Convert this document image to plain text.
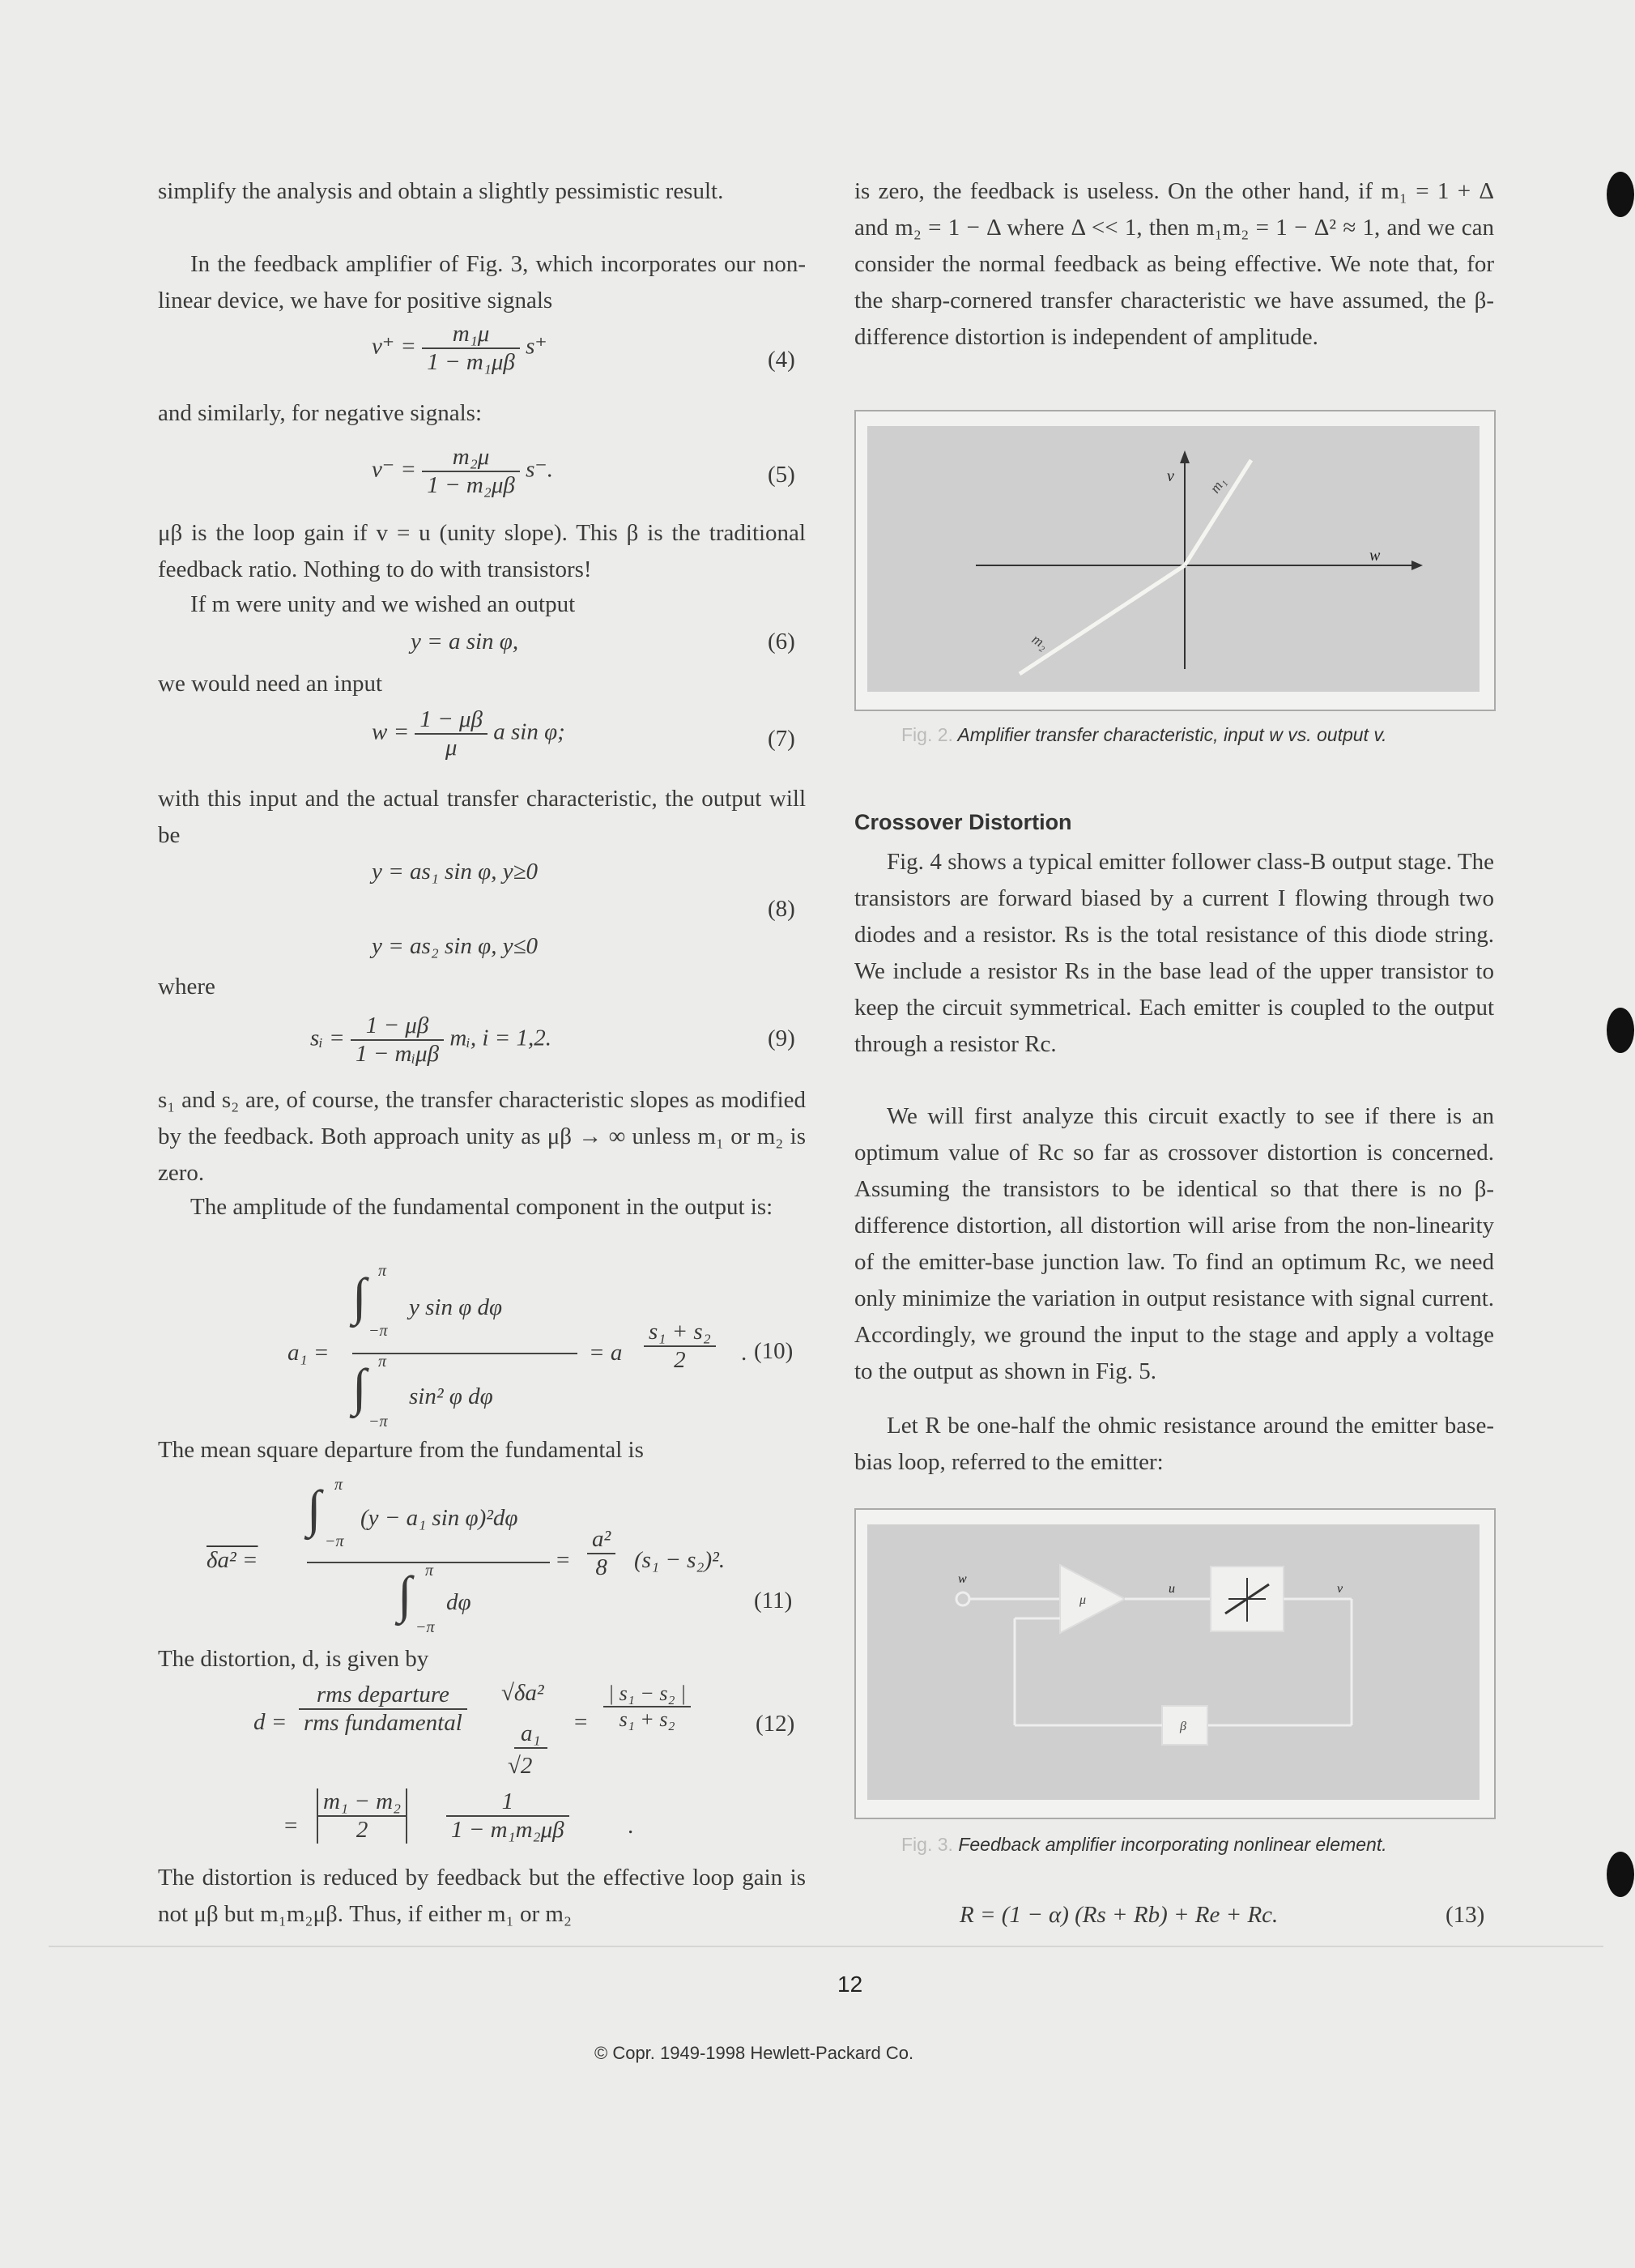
simplify the analysis and obtain a slightly pessimistic result.

In the feedback amplifier of Fig. 3, which incorporates our non-linear device, we have for positive signals

$v^+ = \frac{\text{m₁μ}}{\text{1 − m₁μβ}} s^+$
(4)

and similarly, for negative signals:

$v^- = \frac{\text{m₂μ}}{\text{1 − m₂μβ}} s^-$.	(5)

μβ is the loop gain if v = u (unity slope). This β is the traditional feedback ratio. Nothing to do with transistors!

If m were unity and we wished an output

y = a sin φ,	(6)

we would need an input

$w = \frac{1 - \mu\beta}{\mu}$ a sin φ;	(7)

with this input and the actual transfer characteristic, the output will be

y = as₁ sin φ, y≥0
(8)
y = as₂ sin φ, y≤0

where

sᵢ = $\frac{1 - \mu\beta}{\text{1 − mᵢμβ}}$ mᵢ, i = 1,2.	(9)

s₁ and s₂ are, of course, the transfer characteristic slopes as modified by the feedback. Both approach unity as μβ → ∞ unless m₁ or m₂ is zero.

The amplitude of the fundamental component in the output is:

a₁ =
∫ π
−π
y sin φ dφ
∫ π
−π
sin² φ dφ
= a $\frac{\text{s₁ + s₂}}{2}$ . (10)

The mean square departure from the fundamental is

δa² =
∫ π
−π
(y − a₁ sin φ)²dφ
∫ π
−π
dφ
= $\frac{\text{a²}}{8} (s_1 - s_2)^2$.
(11)

The distortion, d, is given by

d =
rms departure
rms fundamental
√δa²
a₁
√2
= $\frac{\text{| s₁ − s₂ |}}{\text{s₁ + s₂}}$	(12)
= $\frac{\text{m₁ − m₂}}{2} \frac{1}{\text{1 − m₁m₂μβ}}$ .

The distortion is reduced by feedback but the effective loop gain is not μβ but m₁m₂μβ. Thus, if either m₁ or m₂

is zero, the feedback is useless. On the other hand, if m₁ = 1 + Δ and m₂ = 1 − Δ where Δ << 1, then m₁m₂ = 1 − Δ² ≈ 1, and we can consider the normal feedback as being effective. We note that, for the sharp-cornered transfer characteristic we have assumed, the β-difference distortion is independent of amplitude.

v
w
m₁
m₂
Fig. 2. Amplifier transfer characteristic, input w vs. output v.
Crossover Distortion

Fig. 4 shows a typical emitter follower class-B output stage. The transistors are forward biased by a current I flowing through two diodes and a resistor. Rs is the total resistance of this diode string. We include a resistor Rs in the base lead of the upper transistor to keep the circuit symmetrical. Each emitter is coupled to the output through a resistor Rc.

We will first analyze this circuit exactly to see if there is an optimum value of Rc so far as crossover distortion is concerned. Assuming the transistors to be identical so that there is no β-difference distortion, all distortion will arise from the non-linearity of the emitter-base junction law. To find an optimum Rc, we need only minimize the variation in output resistance with signal current. Accordingly, we ground the input to the stage and apply a voltage to the output as shown in Fig. 5.

Let R be one-half the ohmic resistance around the emitter base-bias loop, referred to the emitter:

w
μ
u	v
β
Fig. 3. Feedback amplifier incorporating nonlinear element.
R = (1 − α) (Rs + Rb) + Re + Rc.	(13)
12
© Copr. 1949-1998 Hewlett-Packard Co.
